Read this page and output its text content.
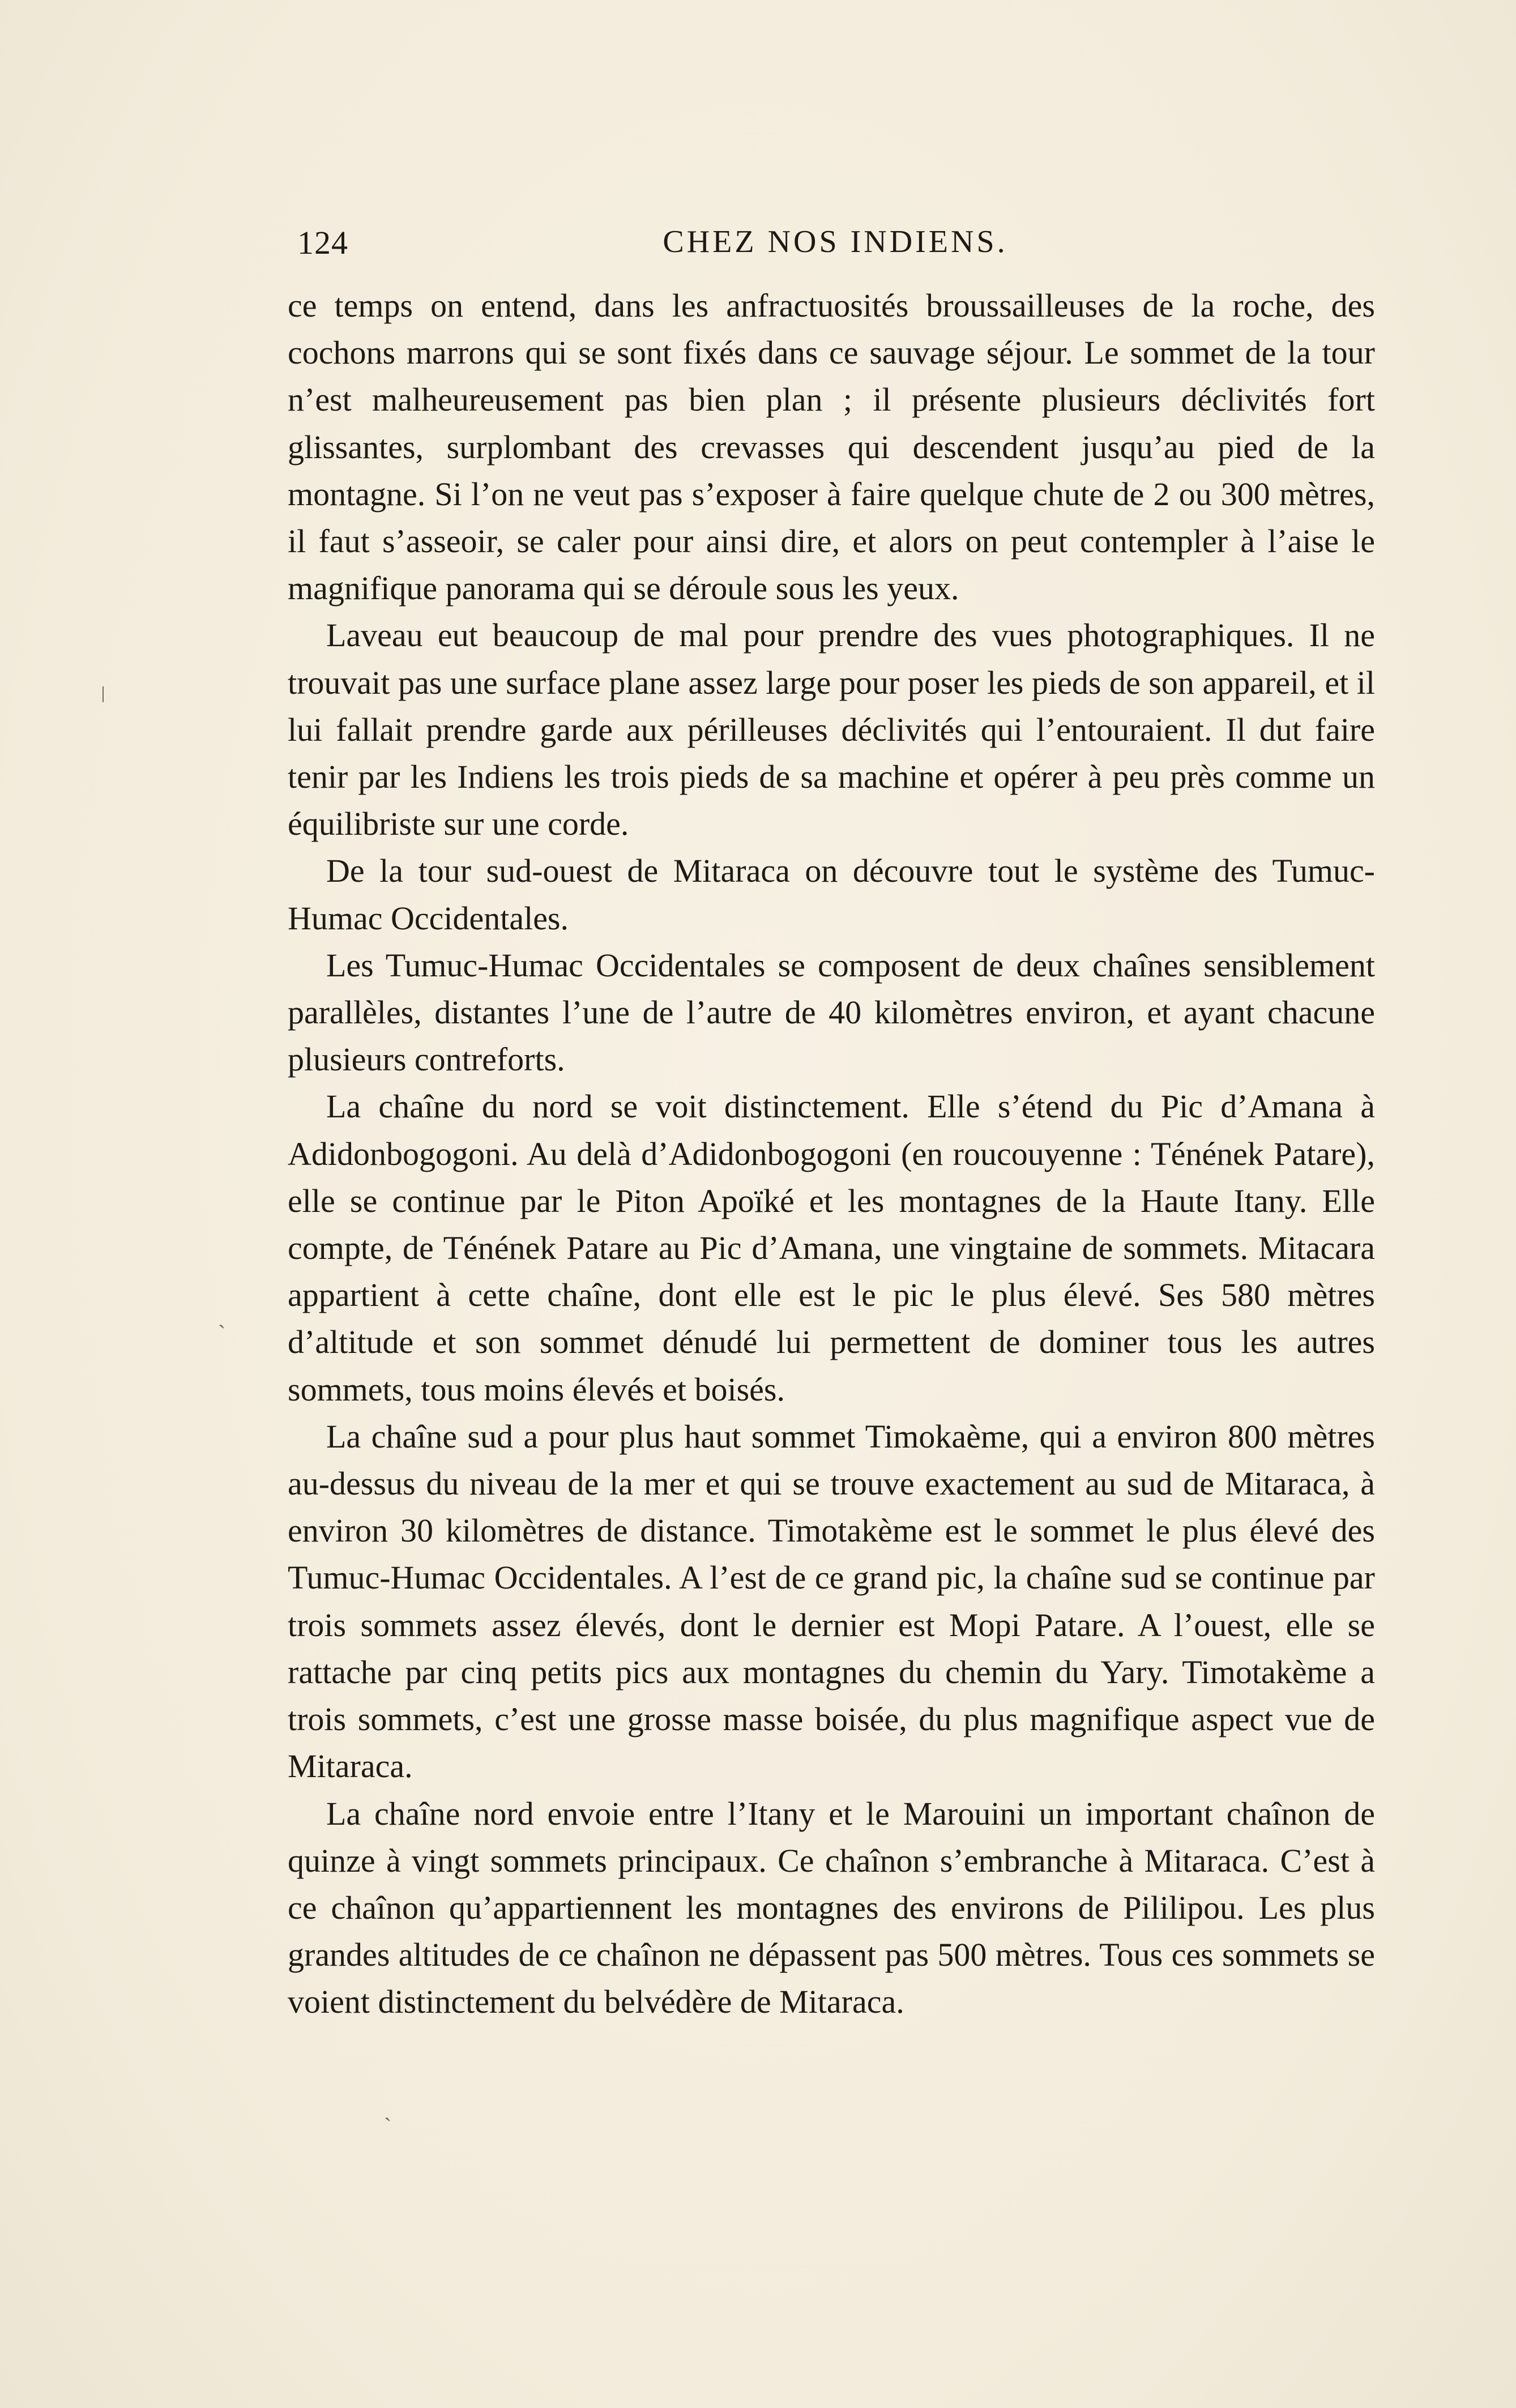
124	CHEZ NOS INDIENS.

ce temps on entend, dans les anfractuosités broussailleuses de la roche, des cochons marrons qui se sont fixés dans ce sauvage séjour. Le sommet de la tour n’est malheureusement pas bien plan ; il présente plusieurs déclivités fort glissantes, surplombant des crevasses qui descendent jusqu’au pied de la montagne. Si l’on ne veut pas s’exposer à faire quelque chute de 2 ou 300 mètres, il faut s’asseoir, se caler pour ainsi dire, et alors on peut contempler à l’aise le magnifique panorama qui se déroule sous les yeux.

Laveau eut beaucoup de mal pour prendre des vues photographiques. Il ne trouvait pas une surface plane assez large pour poser les pieds de son appareil, et il lui fallait prendre garde aux périlleuses déclivités qui l’entouraient. Il dut faire tenir par les Indiens les trois pieds de sa machine et opérer à peu près comme un équilibriste sur une corde.

De la tour sud-ouest de Mitaraca on découvre tout le système des Tumuc-Humac Occidentales.

Les Tumuc-Humac Occidentales se composent de deux chaînes sensiblement parallèles, distantes l’une de l’autre de 40 kilomètres environ, et ayant chacune plusieurs contreforts.

La chaîne du nord se voit distinctement. Elle s’étend du Pic d’Amana à Adidonbogogoni. Au delà d’Adidonbogogoni (en roucouyenne : Ténének Patare), elle se continue par le Piton Apoïké et les montagnes de la Haute Itany. Elle compte, de Ténének Patare au Pic d’Amana, une vingtaine de sommets. Mitacara appartient à cette chaîne, dont elle est le pic le plus élevé. Ses 580 mètres d’altitude et son sommet dénudé lui permettent de dominer tous les autres sommets, tous moins élevés et boisés.

La chaîne sud a pour plus haut sommet Timokaème, qui a environ 800 mètres au-dessus du niveau de la mer et qui se trouve exactement au sud de Mitaraca, à environ 30 kilomètres de distance. Timotakème est le sommet le plus élevé des Tumuc-Humac Occidentales. A l’est de ce grand pic, la chaîne sud se continue par trois sommets assez élevés, dont le dernier est Mopi Patare. A l’ouest, elle se rattache par cinq petits pics aux montagnes du chemin du Yary. Timotakème a trois sommets, c’est une grosse masse boisée, du plus magnifique aspect vue de Mitaraca.

La chaîne nord envoie entre l’Itany et le Marouini un important chaînon de quinze à vingt sommets principaux. Ce chaînon s’embranche à Mitaraca. C’est à ce chaînon qu’appartiennent les montagnes des environs de Pililipou. Les plus grandes altitudes de ce chaînon ne dépassent pas 500 mètres. Tous ces sommets se voient distinctement du belvédère de Mitaraca.

ǀ
ˏ
ˎ
